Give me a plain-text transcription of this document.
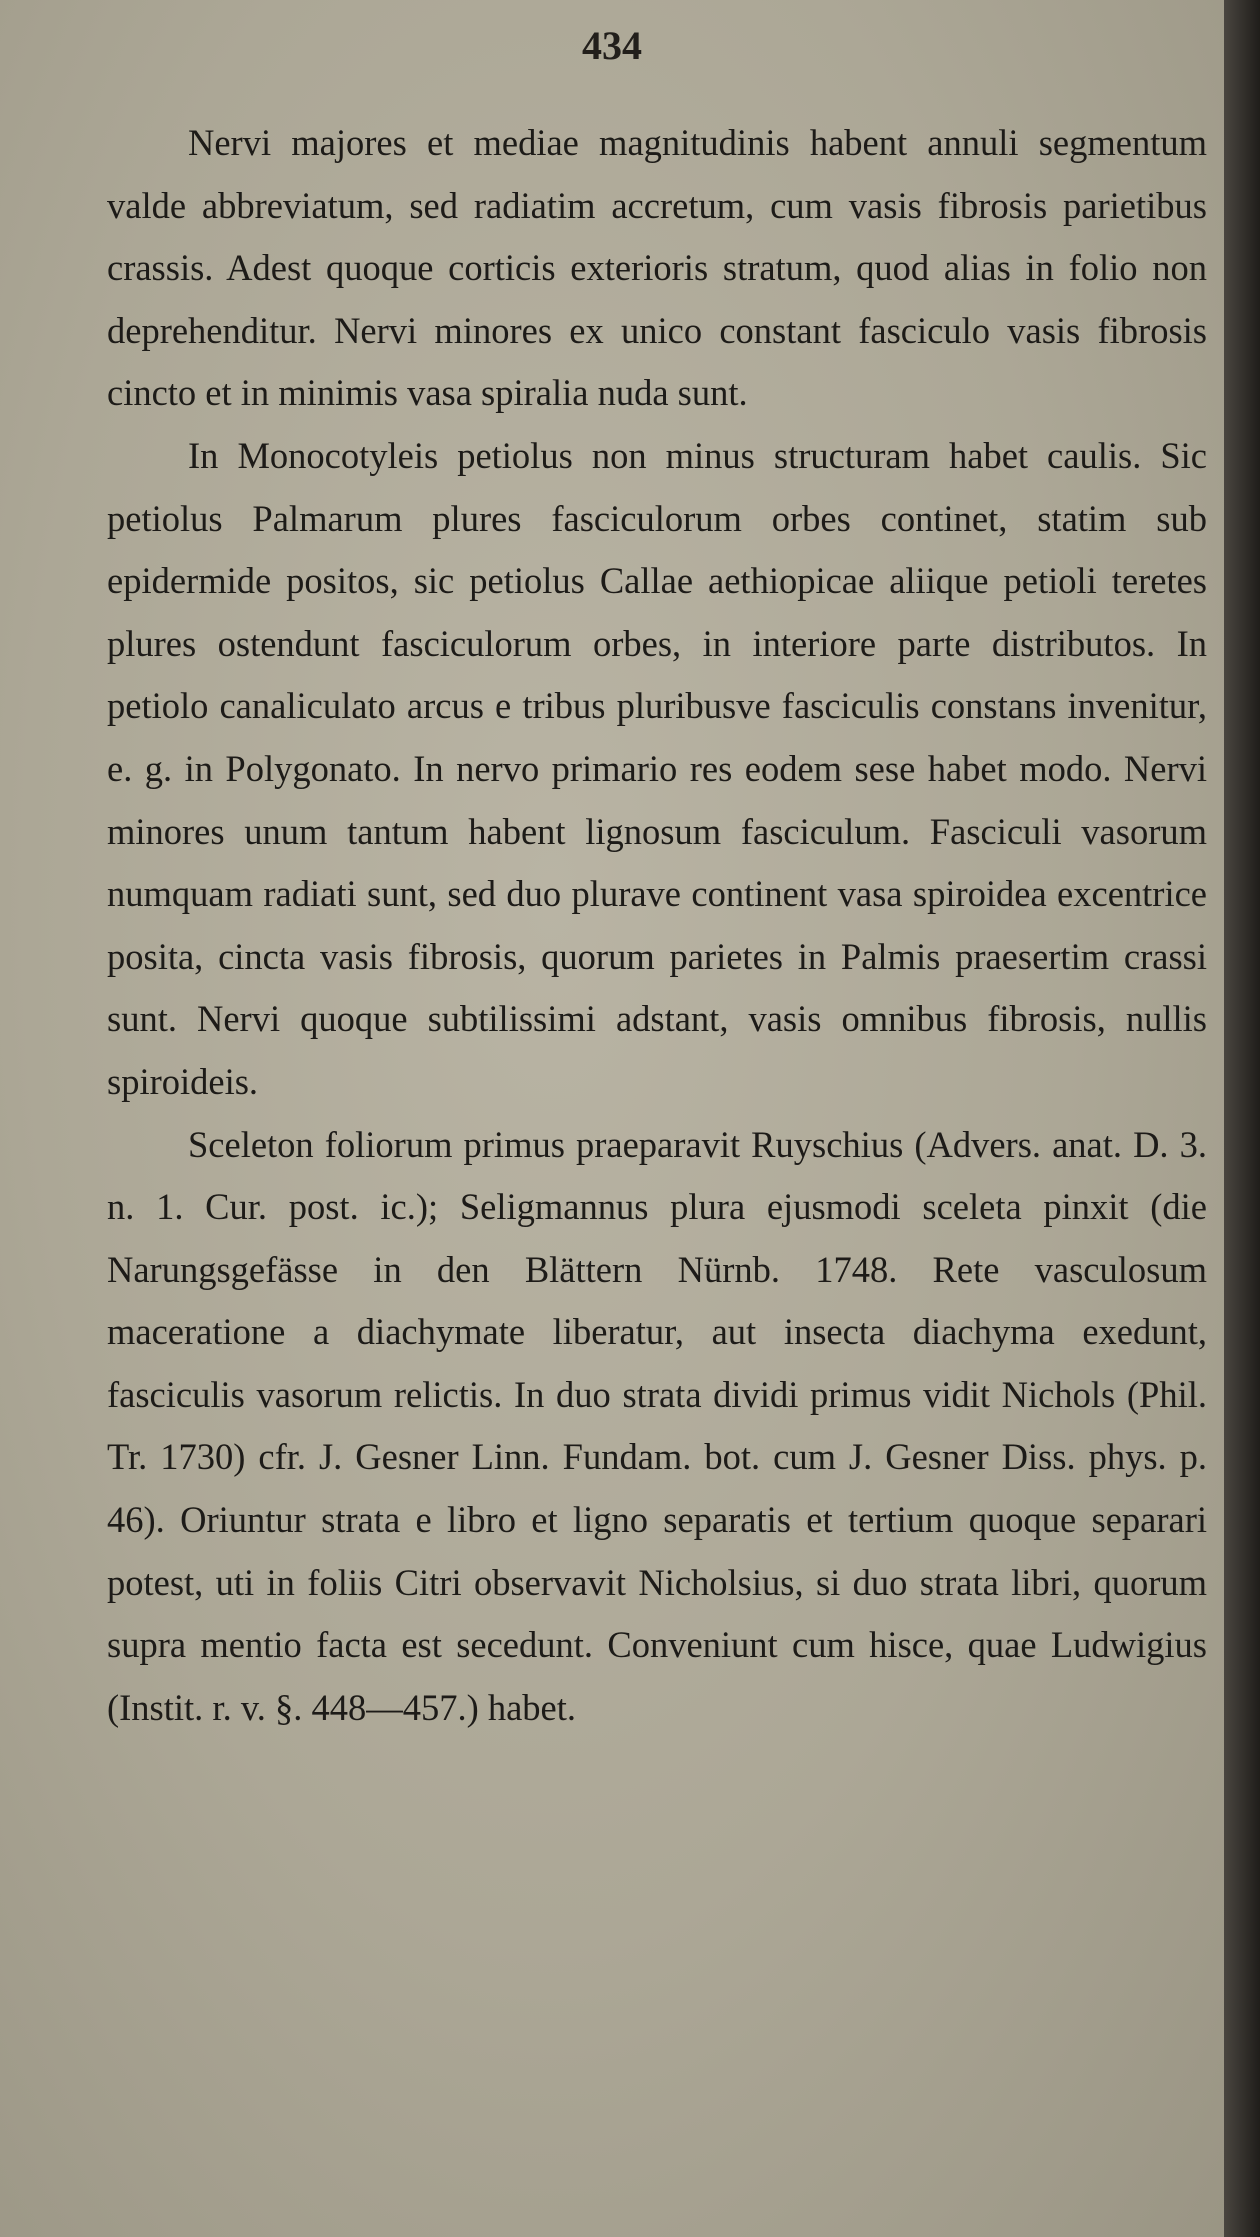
434

Nervi majores et mediae magnitudinis habent annuli segmentum valde abbreviatum, sed radiatim accretum, cum vasis fibrosis parietibus crassis. Adest quoque corticis exterioris stratum, quod alias in folio non deprehenditur. Nervi minores ex unico constant fasciculo vasis fibrosis cincto et in minimis vasa spiralia nuda sunt.

In Monocotyleis petiolus non minus structuram habet caulis. Sic petiolus Palmarum plures fasciculorum orbes continet, statim sub epidermide positos, sic petiolus Callae aethiopicae aliique petioli teretes plures ostendunt fasciculorum orbes, in interiore parte distributos. In petiolo canaliculato arcus e tribus pluribusve fasciculis constans invenitur, e. g. in Polygonato. In nervo primario res eodem sese habet modo. Nervi minores unum tantum habent lignosum fasciculum. Fasciculi vasorum numquam radiati sunt, sed duo plurave continent vasa spiroidea excentrice posita, cincta vasis fibrosis, quorum parietes in Palmis praesertim crassi sunt. Nervi quoque subtilissimi adstant, vasis omnibus fibrosis, nullis spiroideis.

Sceleton foliorum primus praeparavit Ruyschius (Advers. anat. D. 3. n. 1. Cur. post. ic.); Seligmannus plura ejusmodi sceleta pinxit (die Narungsgefässe in den Blättern Nürnb. 1748. Rete vasculosum maceratione a diachymate liberatur, aut insecta diachyma exedunt, fasciculis vasorum relictis. In duo strata dividi primus vidit Nichols (Phil. Tr. 1730) cfr. J. Gesner Linn. Fundam. bot. cum J. Gesner Diss. phys. p. 46). Oriuntur strata e libro et ligno separatis et tertium quoque separari potest, uti in foliis Citri observavit Nicholsius, si duo strata libri, quorum supra mentio facta est secedunt. Conveniunt cum hisce, quae Ludwigius (Instit. r. v. §. 448—457.) habet.
